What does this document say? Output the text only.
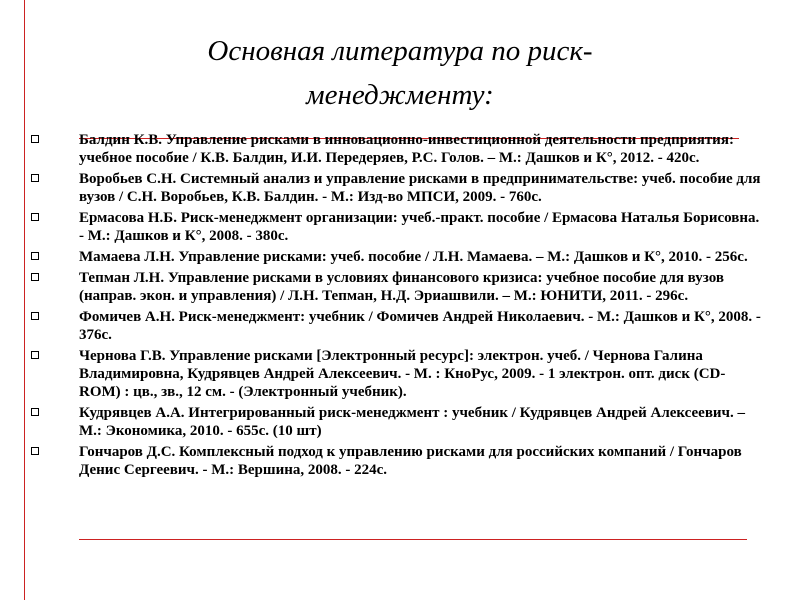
Основная литература по риск-менеджменту:
Балдин К.В. Управление рисками в инновационно-инвестиционной деятельности предприятия: учебное пособие / К.В. Балдин, И.И. Передеряев, Р.С. Голов. – М.: Дашков и К°, 2012. - 420с.
Воробьев С.Н. Системный анализ и управление рисками в предпринимательстве: учеб. пособие для вузов / С.Н. Воробьев, К.В. Балдин. - М.: Изд-во МПСИ, 2009. - 760с.
Ермасова Н.Б. Риск-менеджмент организации: учеб.-практ. пособие / Ермасова Наталья Борисовна. - М.: Дашков и К°, 2008. - 380с.
Мамаева Л.Н. Управление рисками: учеб. пособие / Л.Н. Мамаева. – М.: Дашков и К°, 2010. - 256с.
Тепман Л.Н. Управление рисками в условиях финансового кризиса: учебное пособие для вузов (направ. экон. и управления) / Л.Н. Тепман, Н.Д. Эриашвили. – М.: ЮНИТИ, 2011. - 296с.
Фомичев А.Н. Риск-менеджмент: учебник / Фомичев Андрей Николаевич. - М.: Дашков и К°, 2008. - 376с.
Чернова Г.В. Управление рисками [Электронный ресурс]: электрон. учеб. / Чернова Галина Владимировна, Кудрявцев Андрей Алексеевич. - М. : КноРус, 2009. - 1 электрон. опт. диск (CD-ROM) : цв., зв., 12 см. - (Электронный учебник).
Кудрявцев А.А. Интегрированный риск-менеджмент : учебник / Кудрявцев Андрей Алексеевич. – М.: Экономика, 2010. - 655с. (10 шт)
Гончаров Д.С. Комплексный подход к управлению рисками для российских компаний / Гончаров Денис Сергеевич. - М.: Вершина, 2008. - 224с.
